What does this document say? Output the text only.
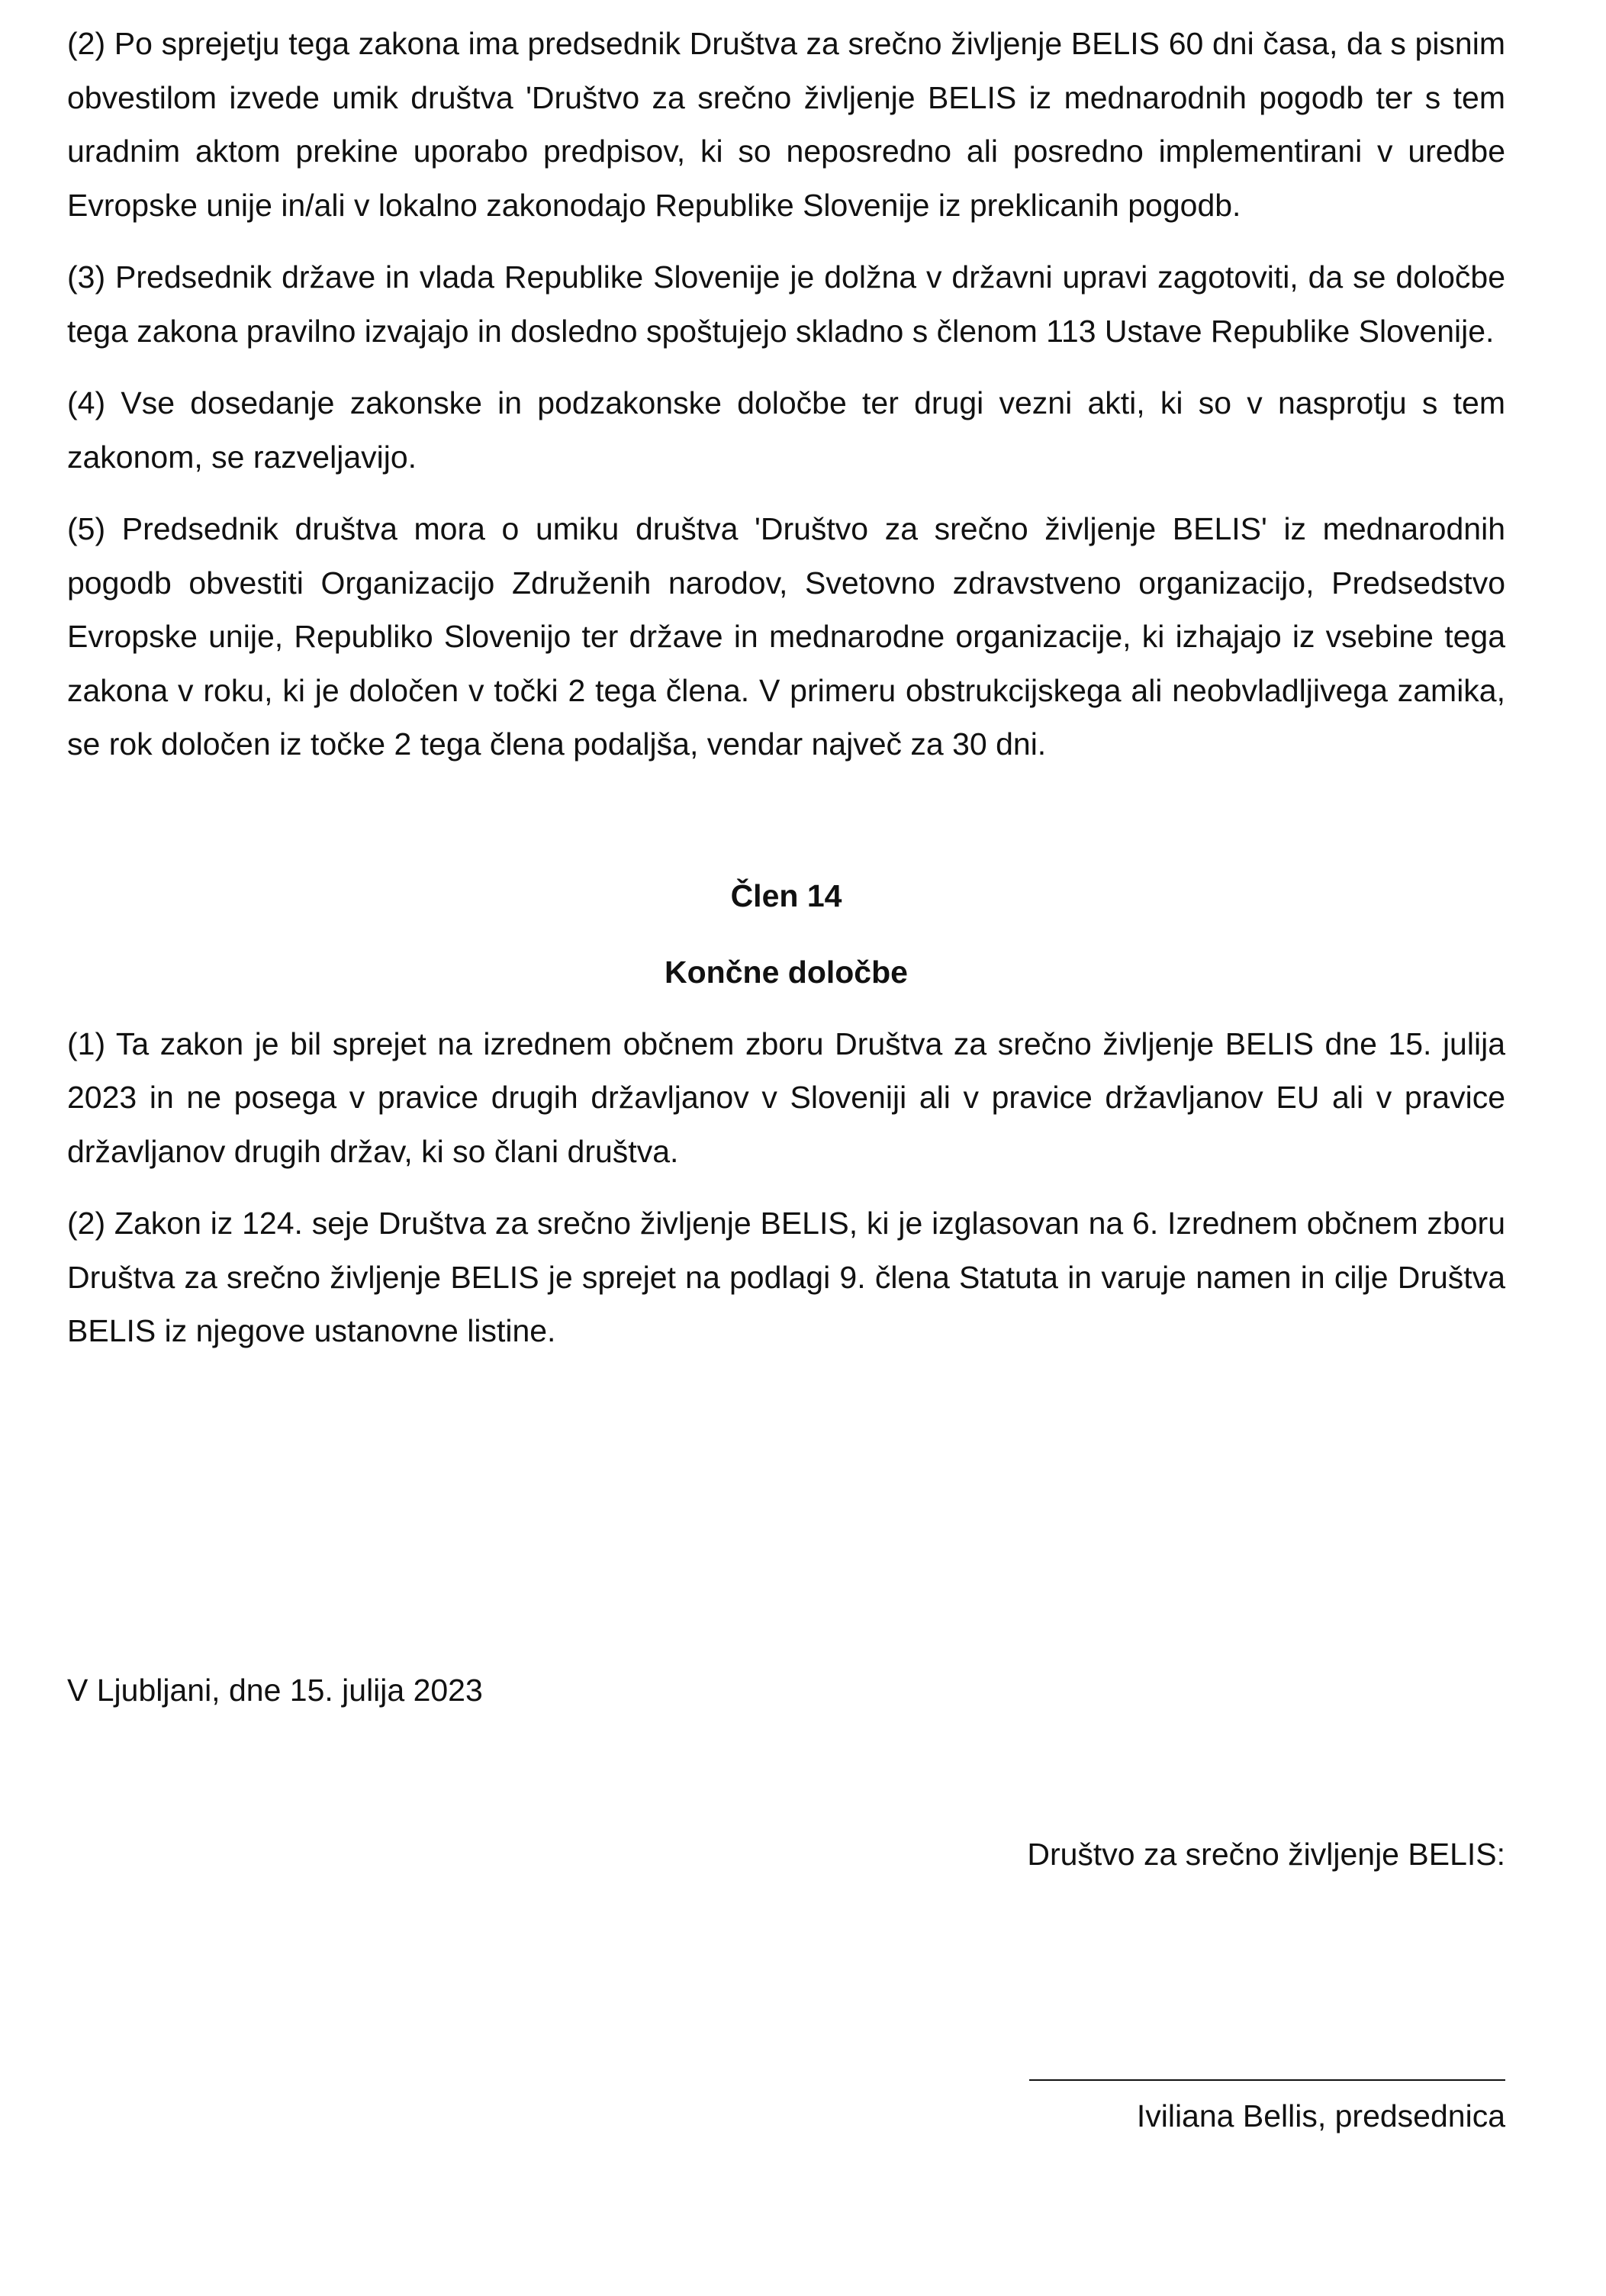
(2) Po sprejetju tega zakona ima predsednik Društva za srečno življenje BELIS 60 dni časa, da s pisnim obvestilom izvede umik društva 'Društvo za srečno življenje BELIS iz mednarodnih pogodb ter s tem uradnim aktom prekine uporabo predpisov, ki so neposredno ali posredno implementirani v uredbe Evropske unije in/ali v lokalno zakonodajo Republike Slovenije iz preklicanih pogodb.

(3) Predsednik države in vlada Republike Slovenije je dolžna v državni upravi zagotoviti, da se določbe tega zakona pravilno izvajajo in dosledno spoštujejo skladno s členom 113 Ustave Republike Slovenije.

(4) Vse dosedanje zakonske in podzakonske določbe ter drugi vezni akti, ki so v nasprotju s tem zakonom, se razveljavijo.

(5) Predsednik društva mora o umiku društva 'Društvo za srečno življenje BELIS' iz mednarodnih pogodb obvestiti Organizacijo Združenih narodov, Svetovno zdravstveno organizacijo, Predsedstvo Evropske unije, Republiko Slovenijo ter države in mednarodne organizacije, ki izhajajo iz vsebine tega zakona v roku, ki je določen v točki 2 tega člena. V primeru obstrukcijskega ali neobvladljivega zamika, se rok določen iz točke 2 tega člena podaljša, vendar največ za 30 dni.

Člen 14

Končne določbe

(1) Ta zakon je bil sprejet na izrednem občnem zboru Društva za srečno življenje BELIS dne 15. julija 2023 in ne posega v pravice drugih državljanov v Sloveniji ali v pravice državljanov EU ali v pravice državljanov drugih držav, ki so člani društva.

(2) Zakon iz 124. seje Društva za srečno življenje BELIS, ki je izglasovan na 6. Izrednem občnem zboru Društva za srečno življenje BELIS je sprejet na podlagi 9. člena Statuta in varuje namen in cilje Društva BELIS iz njegove ustanovne listine.

V Ljubljani, dne 15. julija 2023
Društvo za srečno življenje BELIS:
Iviliana Bellis, predsednica
